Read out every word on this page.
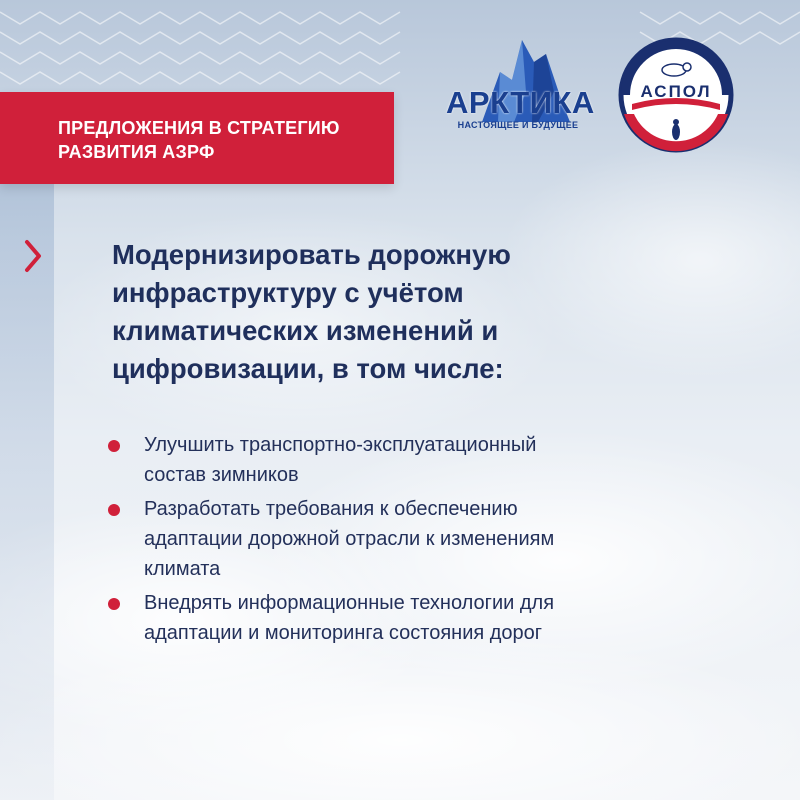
ПРЕДЛОЖЕНИЯ В СТРАТЕГИЮ
РАЗВИТИЯ АЗРФ
АРКТИКА
НАСТОЯЩЕЕ И БУДУЩЕЕ
АСПОЛ
Модернизировать дорожную
инфраструктуру с учётом
климатических изменений и
цифровизации, в том числе:
Улучшить транспортно-эксплуатационный
состав зимников
Разработать требования к обеспечению
адаптации дорожной отрасли к изменениям
климата
Внедрять информационные технологии для
адаптации и мониторинга состояния дорог
